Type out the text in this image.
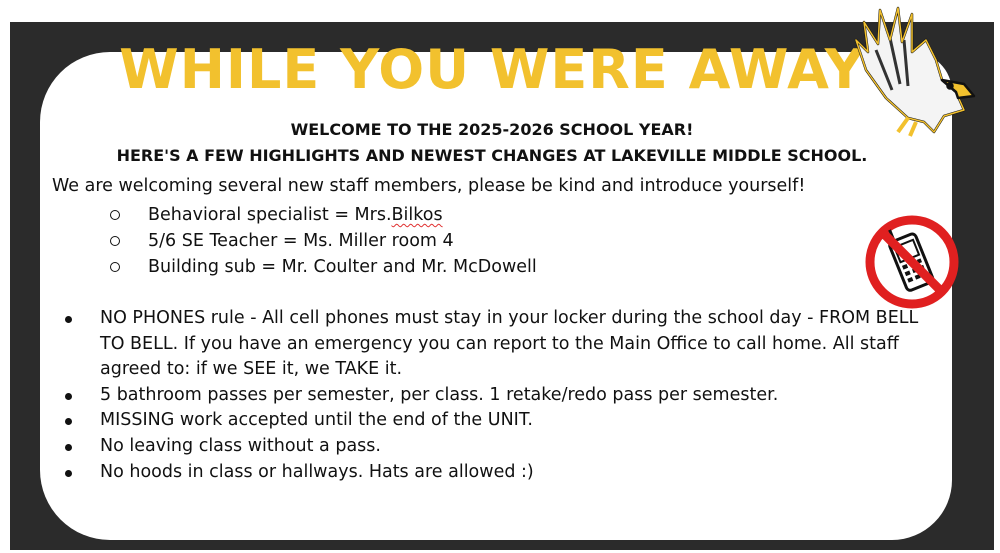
WHILE YOU WERE AWAY

WELCOME TO THE 2025-2026 SCHOOL YEAR!

HERE'S A FEW HIGHLIGHTS AND NEWEST CHANGES AT LAKEVILLE MIDDLE SCHOOL.

We are welcoming several new staff members, please be kind and introduce yourself!

Behavioral specialist = Mrs. Bilkos
5/6 SE Teacher = Ms. Miller room 4
Building sub = Mr. Coulter and Mr. McDowell
NO PHONES rule - All cell phones must stay in your locker during the school day - FROM BELL TO BELL. If you have an emergency you can report to the Main Office to call home. All staff agreed to: if we SEE it, we TAKE it.
5 bathroom passes per semester, per class. 1 retake/redo pass per semester.
MISSING work accepted until the end of the UNIT.
No leaving class without a pass.
No hoods in class or hallways. Hats are allowed :)
